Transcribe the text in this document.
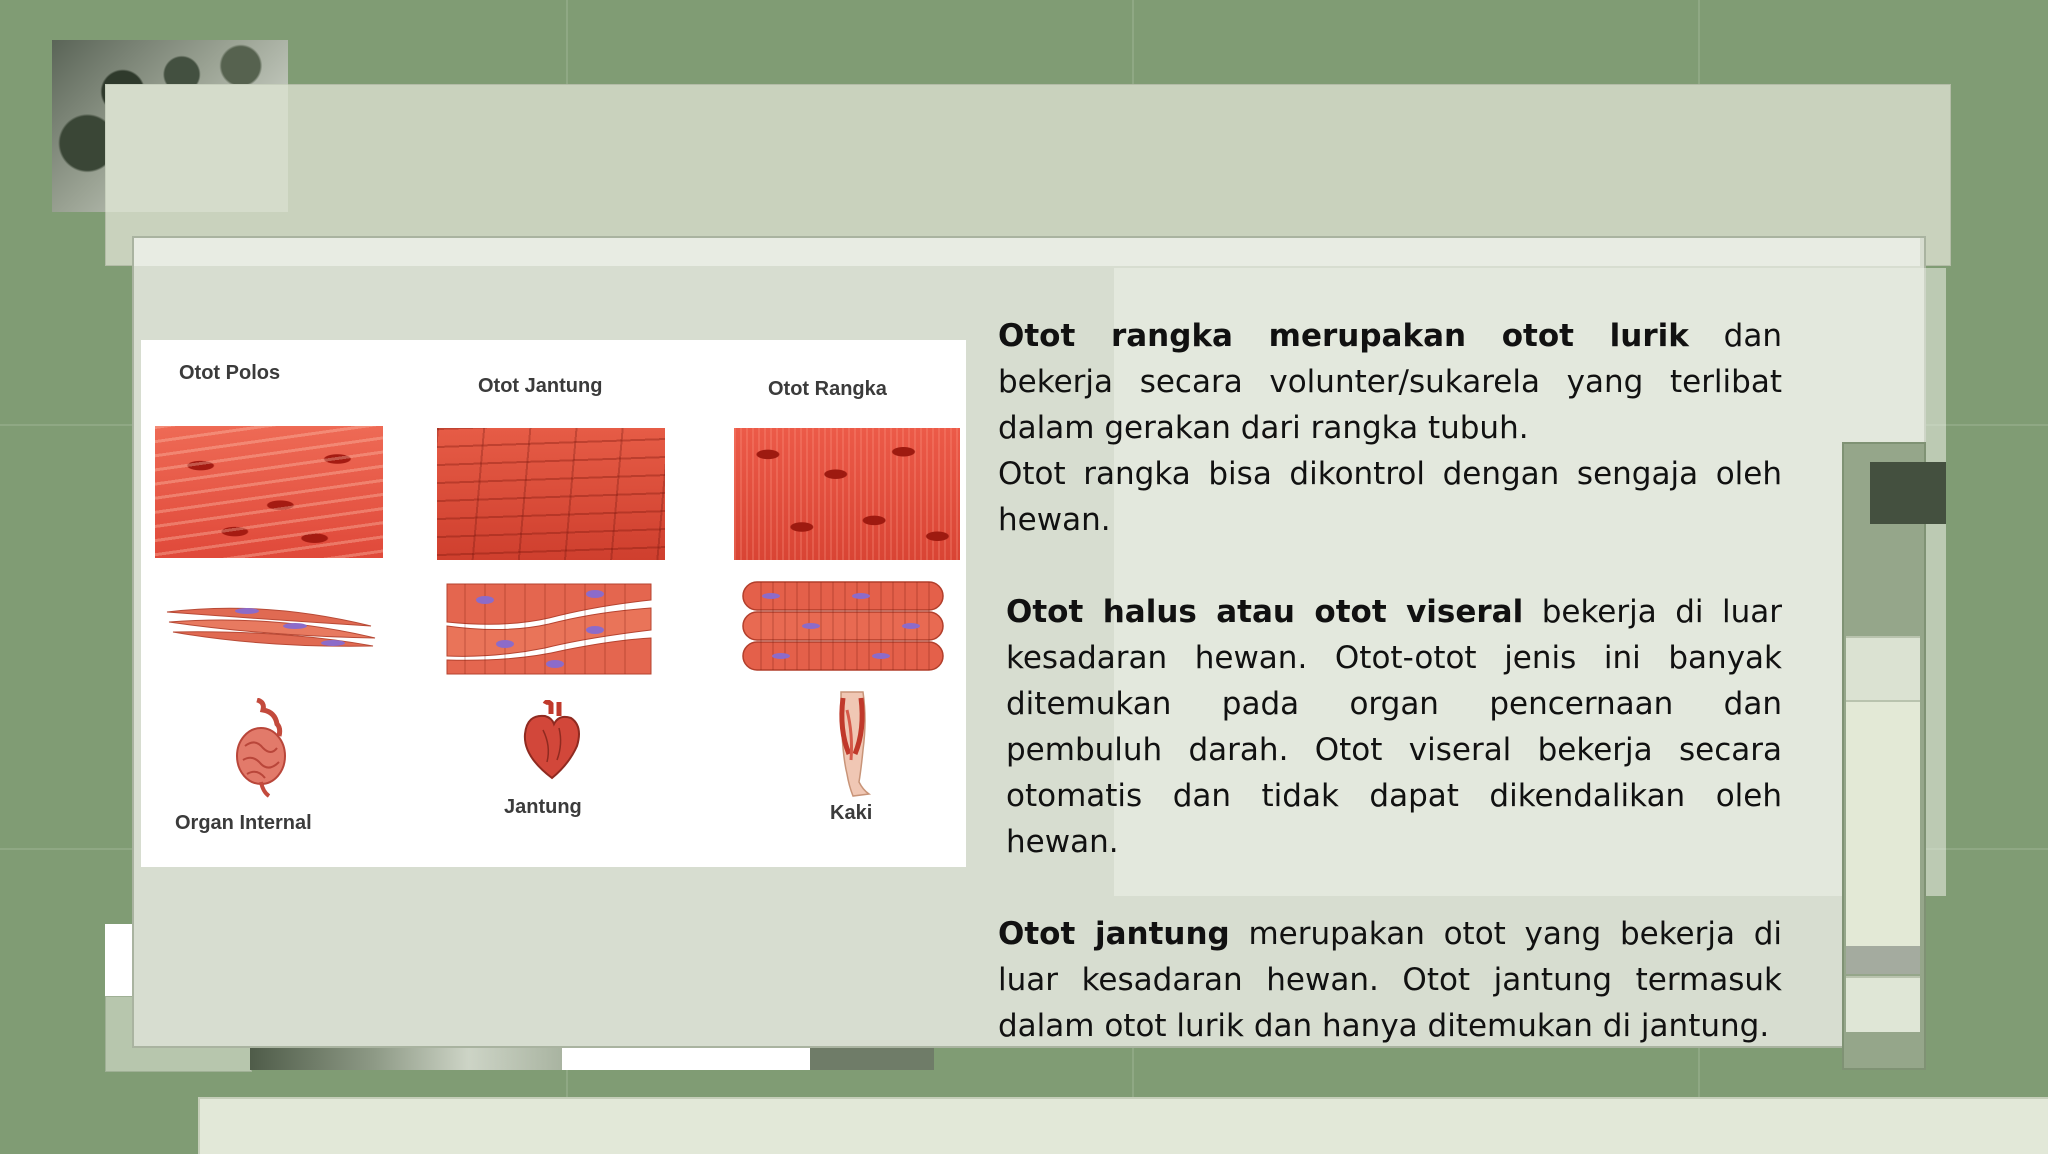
Otot Polos
Otot Jantung	Otot Rangka
Organ Internal
Jantung	Kaki

Otot rangka merupakan otot lurik dan bekerja secara volunter/sukarela yang terlibat dalam gerakan dari rangka tubuh.

Otot rangka bisa dikontrol dengan sengaja oleh hewan.

Otot halus atau otot viseral bekerja di luar kesadaran hewan. Otot-otot jenis ini banyak ditemukan pada organ pencernaan dan pembuluh darah. Otot viseral bekerja secara otomatis dan tidak dapat dikendalikan oleh hewan.

Otot jantung merupakan otot yang bekerja di luar kesadaran hewan. Otot jantung termasuk dalam otot lurik dan hanya ditemukan di jantung.
